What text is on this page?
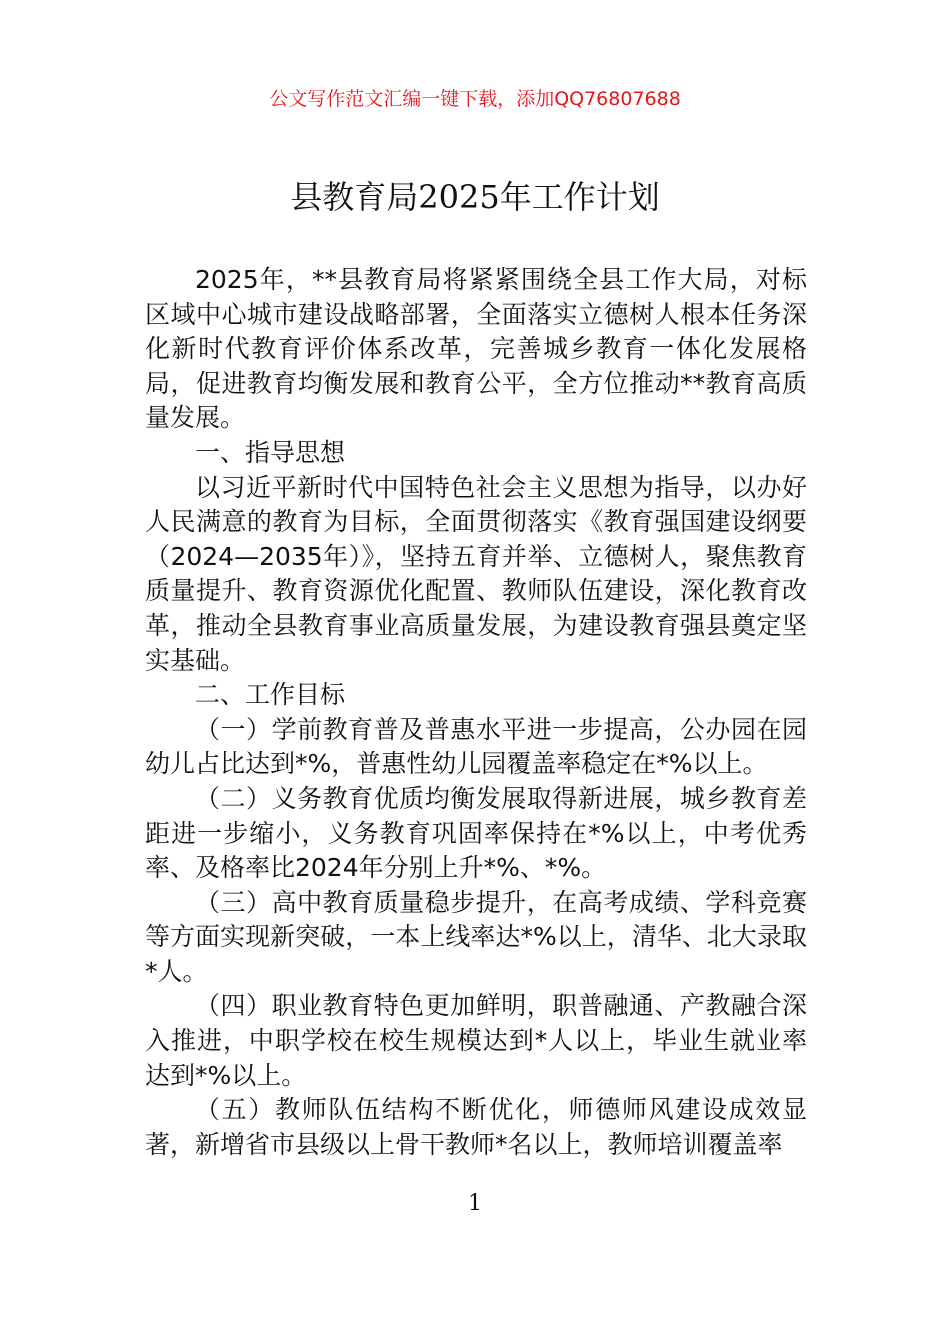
公文写作范文汇编一键下载，添加QQ76807688
县教育局2025年工作计划

2025年，**县教育局将紧紧围绕全县工作大局，对标区域中心城市建设战略部署，全面落实立德树人根本任务深化新时代教育评价体系改革，完善城乡教育一体化发展格局，促进教育均衡发展和教育公平，全方位推动**教育高质量发展。

一、指导思想

以习近平新时代中国特色社会主义思想为指导，以办好人民满意的教育为目标，全面贯彻落实《教育强国建设纲要（2024—2035年）》，坚持五育并举、立德树人，聚焦教育质量提升、教育资源优化配置、教师队伍建设，深化教育改革，推动全县教育事业高质量发展，为建设教育强县奠定坚实基础。

二、工作目标

（一）学前教育普及普惠水平进一步提高，公办园在园幼儿占比达到*%，普惠性幼儿园覆盖率稳定在*%以上。

（二）义务教育优质均衡发展取得新进展，城乡教育差距进一步缩小，义务教育巩固率保持在*%以上，中考优秀率、及格率比2024年分别上升*%、*%。

（三）高中教育质量稳步提升，在高考成绩、学科竞赛等方面实现新突破，一本上线率达*%以上，清华、北大录取*人。

（四）职业教育特色更加鲜明，职普融通、产教融合深入推进，中职学校在校生规模达到*人以上，毕业生就业率达到*%以上。

（五）教师队伍结构不断优化，师德师风建设成效显著，新增省市县级以上骨干教师*名以上，教师培训覆盖率

1
